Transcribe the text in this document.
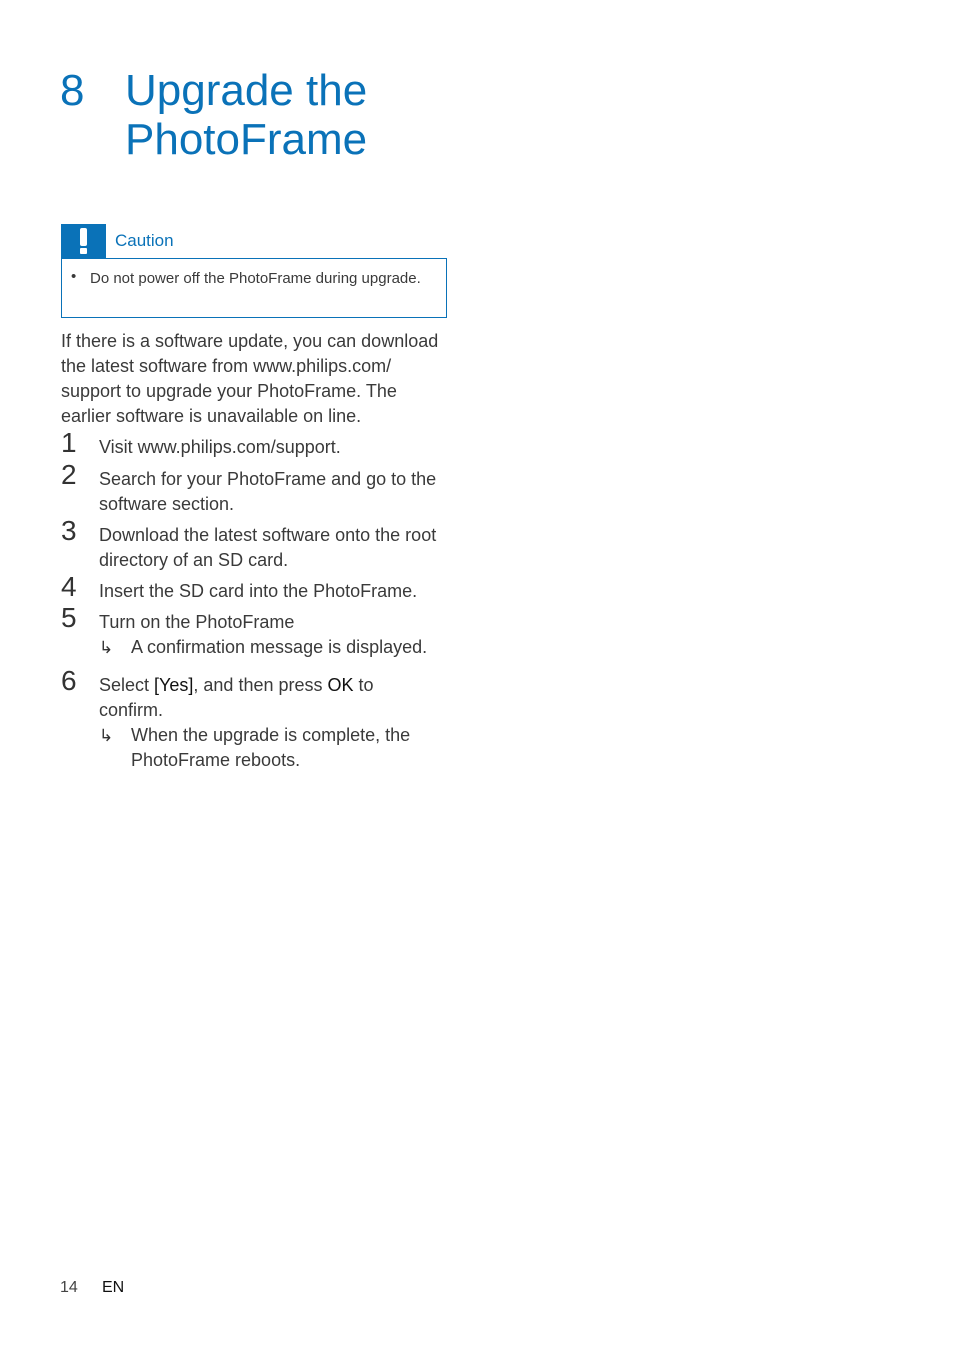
8 Upgrade the PhotoFrame
Caution
• Do not power off the PhotoFrame during upgrade.

If there is a software update, you can download the latest software from www.philips.com/ support to upgrade your PhotoFrame. The earlier software is unavailable on line.

1 Visit www.philips.com/support.
2 Search for your PhotoFrame and go to the software section.
3 Download the latest software onto the root directory of an SD card.
4 Insert the SD card into the PhotoFrame.
5 Turn on the PhotoFrame
↳ A confirmation message is displayed.
6 Select [Yes], and then press OK to confirm.
↳ When the upgrade is complete, the PhotoFrame reboots.
14 EN
